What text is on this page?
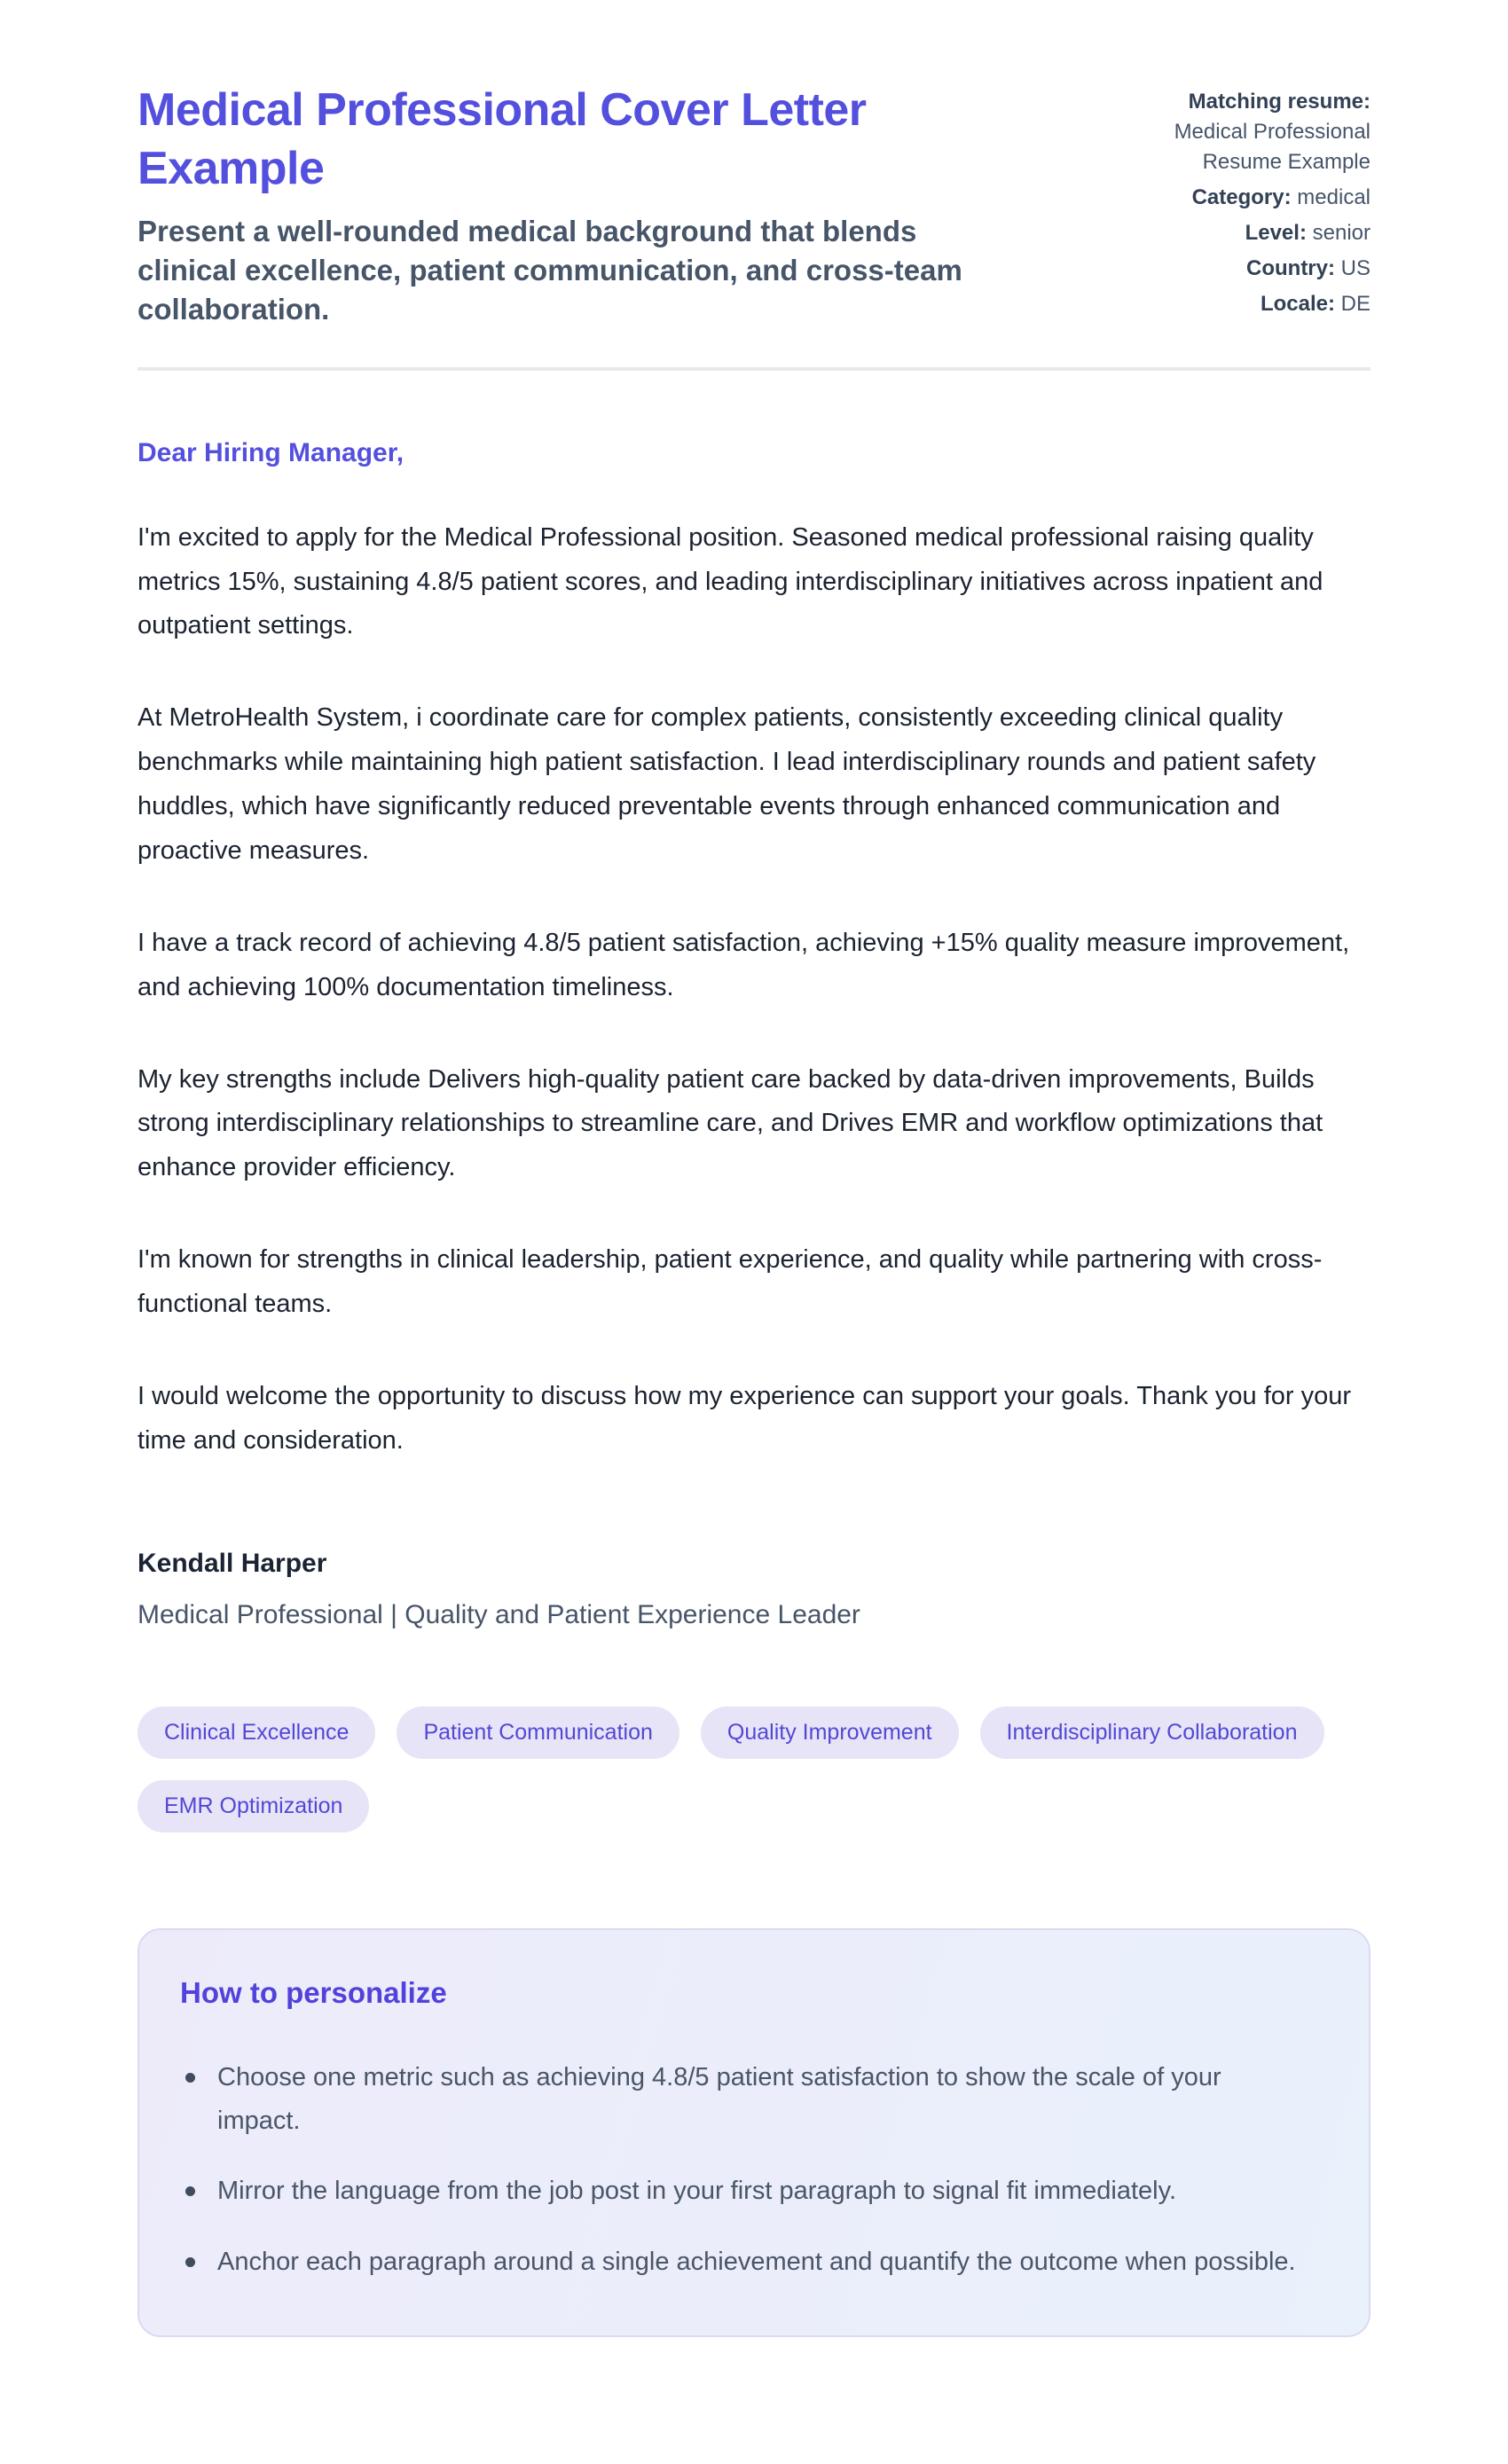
Medical Professional Cover Letter Example

Present a well-rounded medical background that blends clinical excellence, patient communication, and cross-team collaboration.

Matching resume: Medical Professional Resume Example
Category: medical
Level: senior
Country: US
Locale: DE

Dear Hiring Manager,

I'm excited to apply for the Medical Professional position. Seasoned medical professional raising quality metrics 15%, sustaining 4.8/5 patient scores, and leading interdisciplinary initiatives across inpatient and outpatient settings.

At MetroHealth System, i coordinate care for complex patients, consistently exceeding clinical quality benchmarks while maintaining high patient satisfaction. I lead interdisciplinary rounds and patient safety huddles, which have significantly reduced preventable events through enhanced communication and proactive measures.

I have a track record of achieving 4.8/5 patient satisfaction, achieving +15% quality measure improvement, and achieving 100% documentation timeliness.

My key strengths include Delivers high-quality patient care backed by data-driven improvements, Builds strong interdisciplinary relationships to streamline care, and Drives EMR and workflow optimizations that enhance provider efficiency.

I'm known for strengths in clinical leadership, patient experience, and quality while partnering with cross-functional teams.

I would welcome the opportunity to discuss how my experience can support your goals. Thank you for your time and consideration.

Kendall Harper

Medical Professional | Quality and Patient Experience Leader

Clinical Excellence	Patient Communication	Quality Improvement	Interdisciplinary Collaboration
EMR Optimization
How to personalize
Choose one metric such as achieving 4.8/5 patient satisfaction to show the scale of your impact.
Mirror the language from the job post in your first paragraph to signal fit immediately.
Anchor each paragraph around a single achievement and quantify the outcome when possible.
